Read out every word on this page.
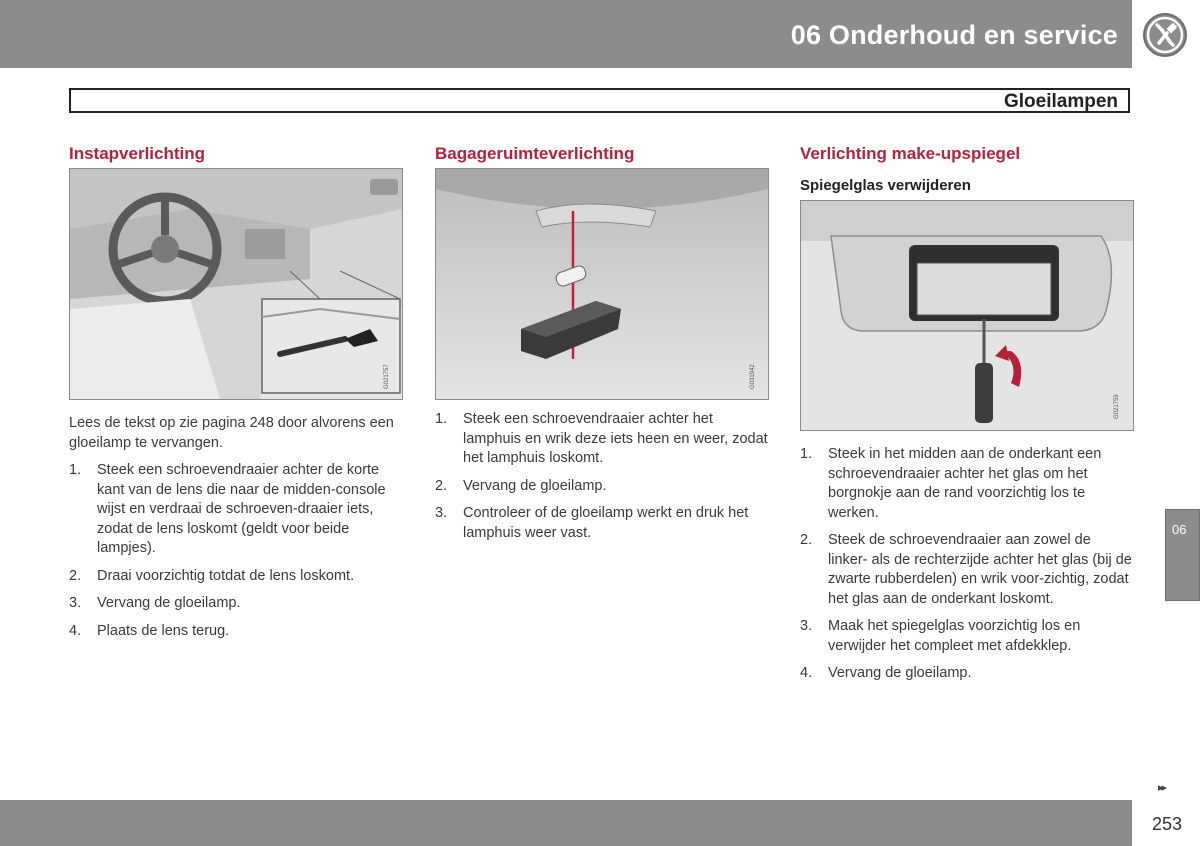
06 Onderhoud en service
Gloeilampen
Instapverlichting
G021757

Lees de tekst op zie pagina 248 door alvorens een gloeilamp te vervangen.

1. Steek een schroevendraaier achter de korte kant van de lens die naar de midden-console wijst en verdraai de schroeven-draaier iets, zodat de lens loskomt (geldt voor beide lampjes).
2. Draai voorzichtig totdat de lens loskomt.
3. Vervang de gloeilamp.
4. Plaats de lens terug.
Bagageruimteverlichting
G031942
1. Steek een schroevendraaier achter het lamphuis en wrik deze iets heen en weer, zodat het lamphuis loskomt.
2. Vervang de gloeilamp.
3. Controleer of de gloeilamp werkt en druk het lamphuis weer vast.
Verlichting make-upspiegel
Spiegelglas verwijderen
G021759
1. Steek in het midden aan de onderkant een schroevendraaier achter het glas om het borgnokje aan de rand voorzichtig los te werken.
2. Steek de schroevendraaier aan zowel de linker- als de rechterzijde achter het glas (bij de zwarte rubberdelen) en wrik voor-zichtig, zodat het glas aan de onderkant loskomt.
3. Maak het spiegelglas voorzichtig los en verwijder het compleet met afdekklep.
4. Vervang de gloeilamp.
06
▸▸

253
